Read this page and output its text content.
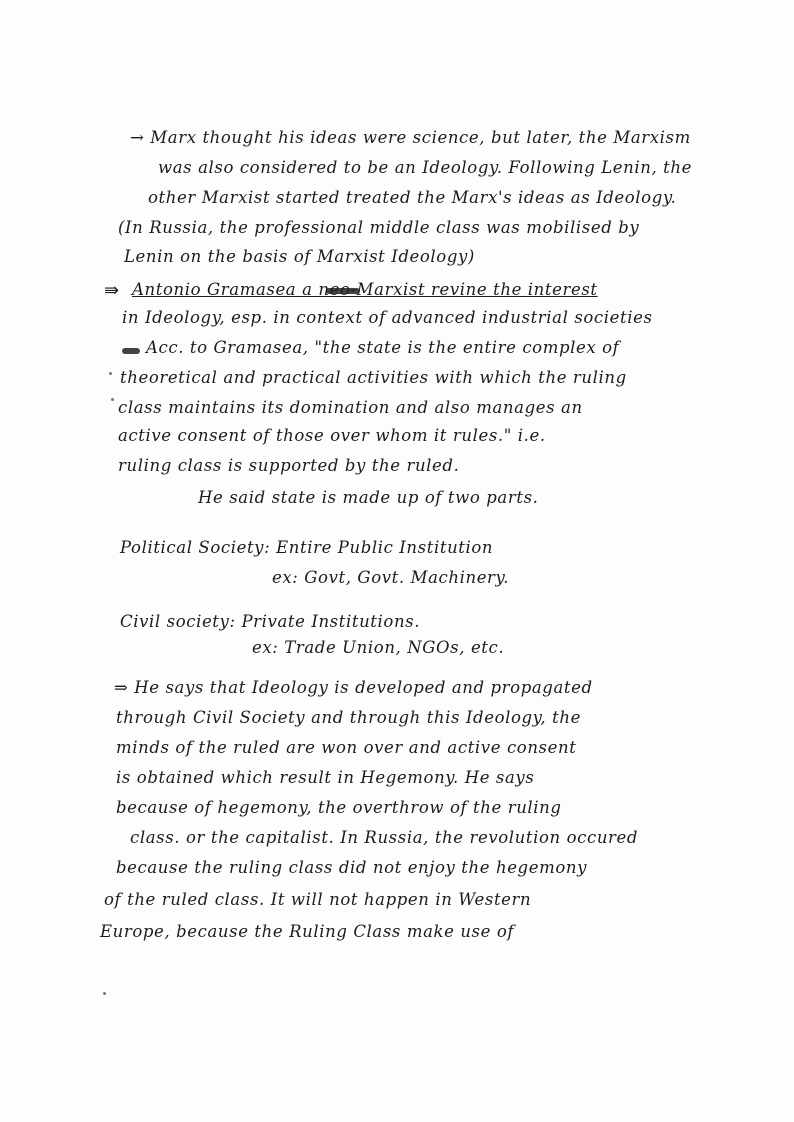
→ Marx thought his ideas were science, but later, the Marxism
was also considered to be an Ideology. Following Lenin, the
other Marxist started treated the Marx's ideas as Ideology.
(In Russia, the professional middle class was mobilised by
Lenin on the basis of Marxist Ideology)
⇛ Antonio Gramasea a neo-Marxist revine the interest
in Ideology, esp. in context of advanced industrial societies
Acc. to Gramasea, "the state is the entire complex of
theoretical and practical activities with which the ruling
class maintains its domination and also manages an
active consent of those over whom it rules." i.e.
ruling class is supported by the ruled.
He said state is made up of two parts.
Political Society: Entire Public Institution
ex: Govt, Govt. Machinery.
Civil society: Private Institutions.
ex: Trade Union, NGOs, etc.
⇒ He says that Ideology is developed and propagated
through Civil Society and through this Ideology, the
minds of the ruled are won over and active consent
is obtained which result in Hegemony. He says
because of hegemony, the overthrow of the ruling
class. or the capitalist. In Russia, the revolution occured
because the ruling class did not enjoy the hegemony
of the ruled class. It will not happen in Western
Europe, because the Ruling Class make use of
